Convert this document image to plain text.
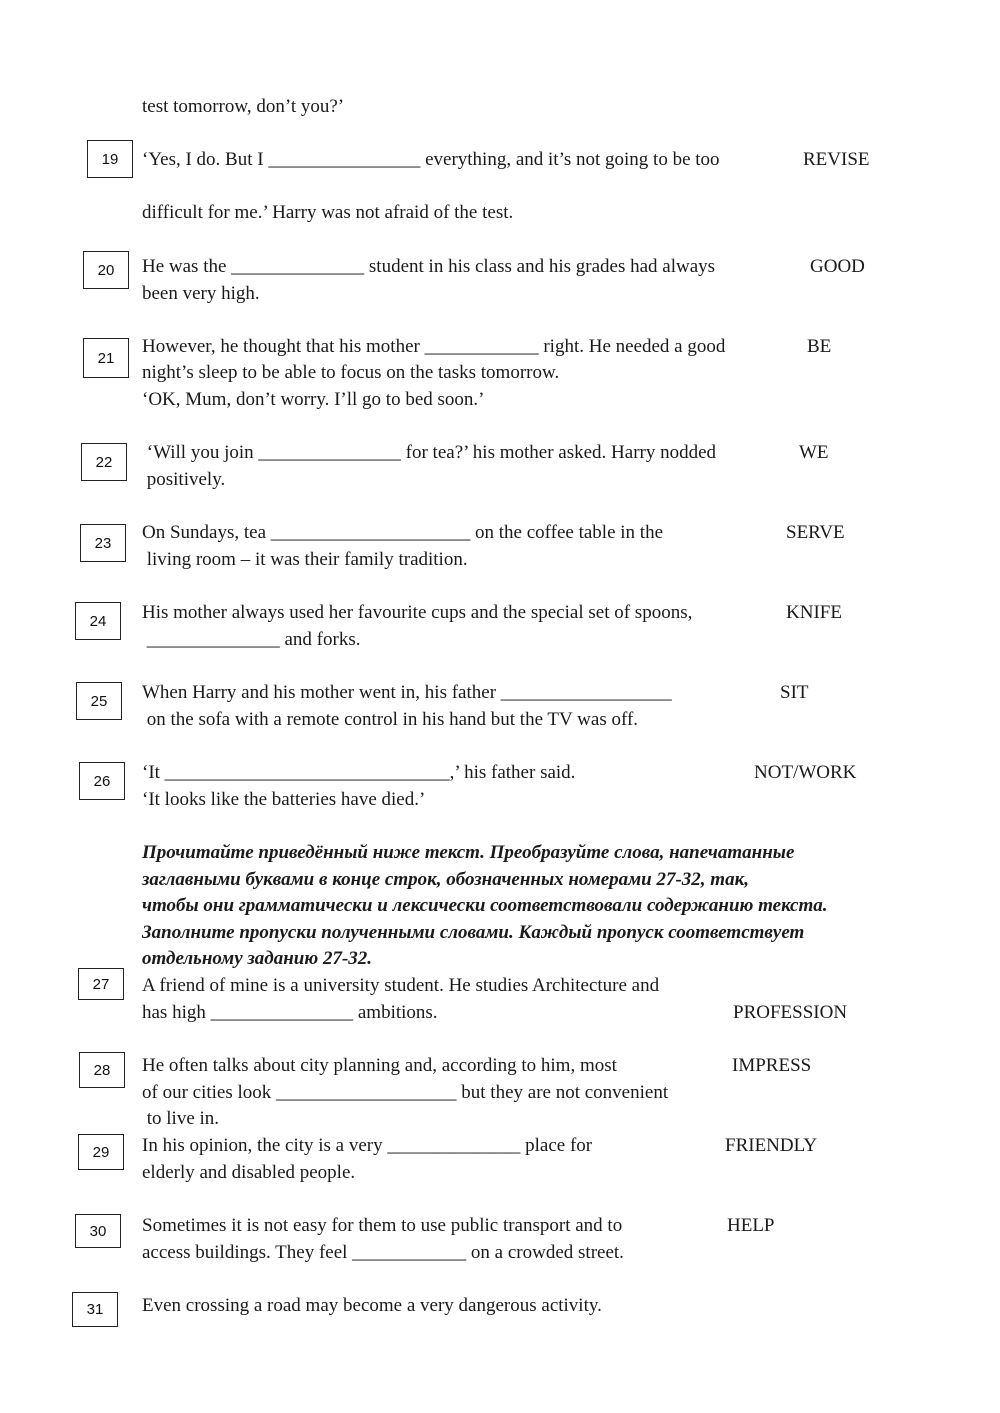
test tomorrow, don’t you?’

19	‘Yes, I do. But I ________________ everything, and it’s not going to be too

difficult for me.’ Harry was not afraid of the test.

REVISE
20	He was the ______________ student in his class and his grades had always

been very high.

GOOD
21

However, he thought that his mother ____________ right. He needed a good

night’s sleep to be able to focus on the tasks tomorrow.

‘OK, Mum, don’t worry. I’ll go to bed soon.’

BE
22	‘Will you join _______________ for tea?’ his mother asked. Harry nodded

positively.

WE
23	On Sundays, tea _____________________ on the coffee table in the

living room – it was their family tradition.

SERVE
24	His mother always used her favourite cups and the special set of spoons,

______________ and forks.

KNIFE
25	When Harry and his mother went in, his father __________________

on the sofa with a remote control in his hand but the TV was off.

SIT
26	‘It ______________________________,’ his father said.

‘It looks like the batteries have died.’

NOT/WORK
Прочитайте приведённый ниже текст. Преобразуйте слова, напечатанные
заглавными буквами в конце строк, обозначенных номерами 27-32, так,
чтобы они грамматически и лексически соответствовали содержанию текста.
Заполните пропуски полученными словами. Каждый пропуск соответствует
отдельному заданию 27-32.
27	A friend of mine is a university student. He studies Architecture and

has high _______________ ambitions.	PROFESSION
28	He often talks about city planning and, according to him, most

of our cities look ___________________ but they are not convenient

to live in.

IMPRESS
29	In his opinion, the city is a very ______________ place for

elderly and disabled people.

FRIENDLY
30	Sometimes it is not easy for them to use public transport and to

access buildings. They feel ____________ on a crowded street.

HELP
31	Even crossing a road may become a very dangerous activity.
